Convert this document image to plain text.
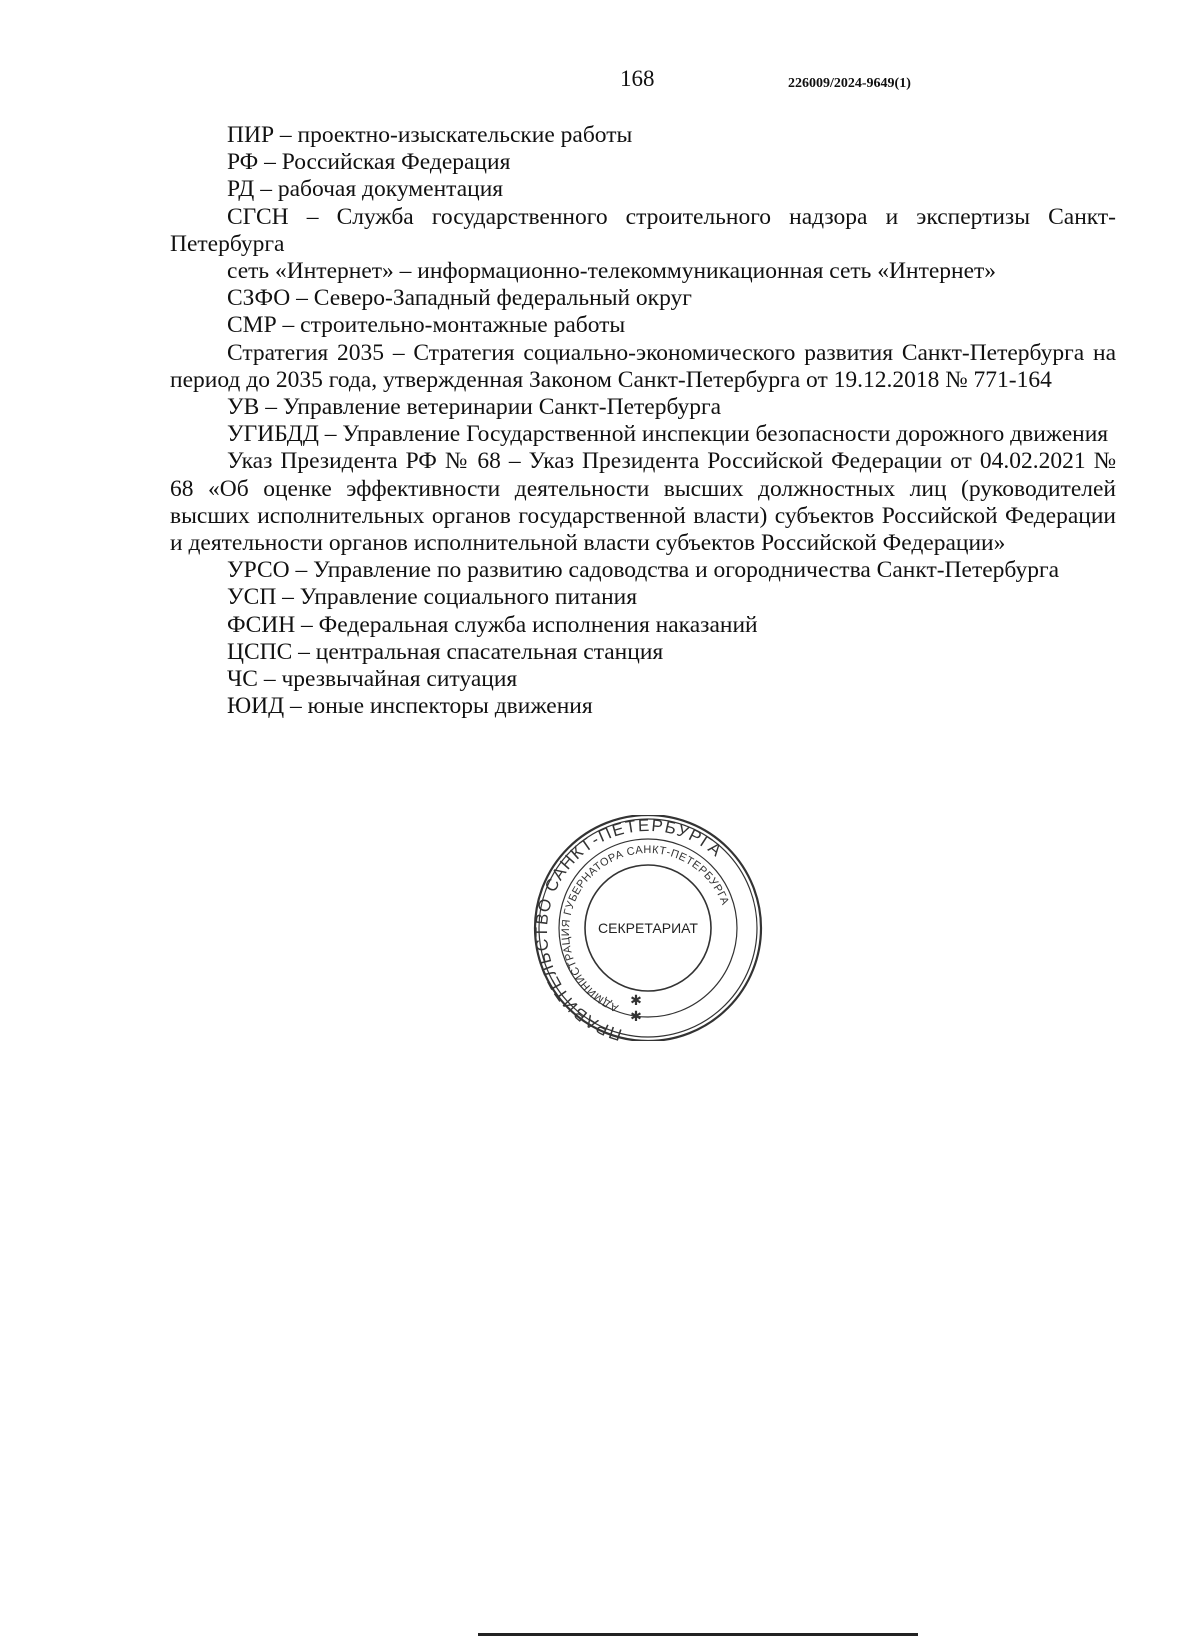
168	226009/2024-9649(1)

ПИР – проектно-изыскательские работы

РФ – Российская Федерация

РД – рабочая документация

СГСН – Служба государственного строительного надзора и экспертизы Санкт-Петербурга

сеть «Интернет» – информационно-телекоммуникационная сеть «Интернет»

СЗФО – Северо-Западный федеральный округ

СМР – строительно-монтажные работы

Стратегия 2035 – Стратегия социально-экономического развития Санкт-Петербурга на период до 2035 года, утвержденная Законом Санкт-Петербурга от 19.12.2018 № 771-164

УВ – Управление ветеринарии Санкт-Петербурга

УГИБДД – Управление Государственной инспекции безопасности дорожного движения

Указ Президента РФ № 68 – Указ Президента Российской Федерации от 04.02.2021 № 68 «Об оценке эффективности деятельности высших должностных лиц (руководителей высших исполнительных органов государственной власти) субъектов Российской Федерации и деятельности органов исполнительной власти субъектов Российской Федерации»

УРСО – Управление по развитию садоводства и огородничества Санкт-Петербурга

УСП – Управление социального питания

ФСИН – Федеральная служба исполнения наказаний

ЦСПС – центральная спасательная станция

ЧС – чрезвычайная ситуация

ЮИД – юные инспекторы движения

ПРАВИТЕЛЬСТВО САНКТ-ПЕТЕРБУРГА
АДМИНИСТРАЦИЯ ГУБЕРНАТОРА САНКТ-ПЕТЕРБУРГА
СЕКРЕТАРИАТ
✱
✱
